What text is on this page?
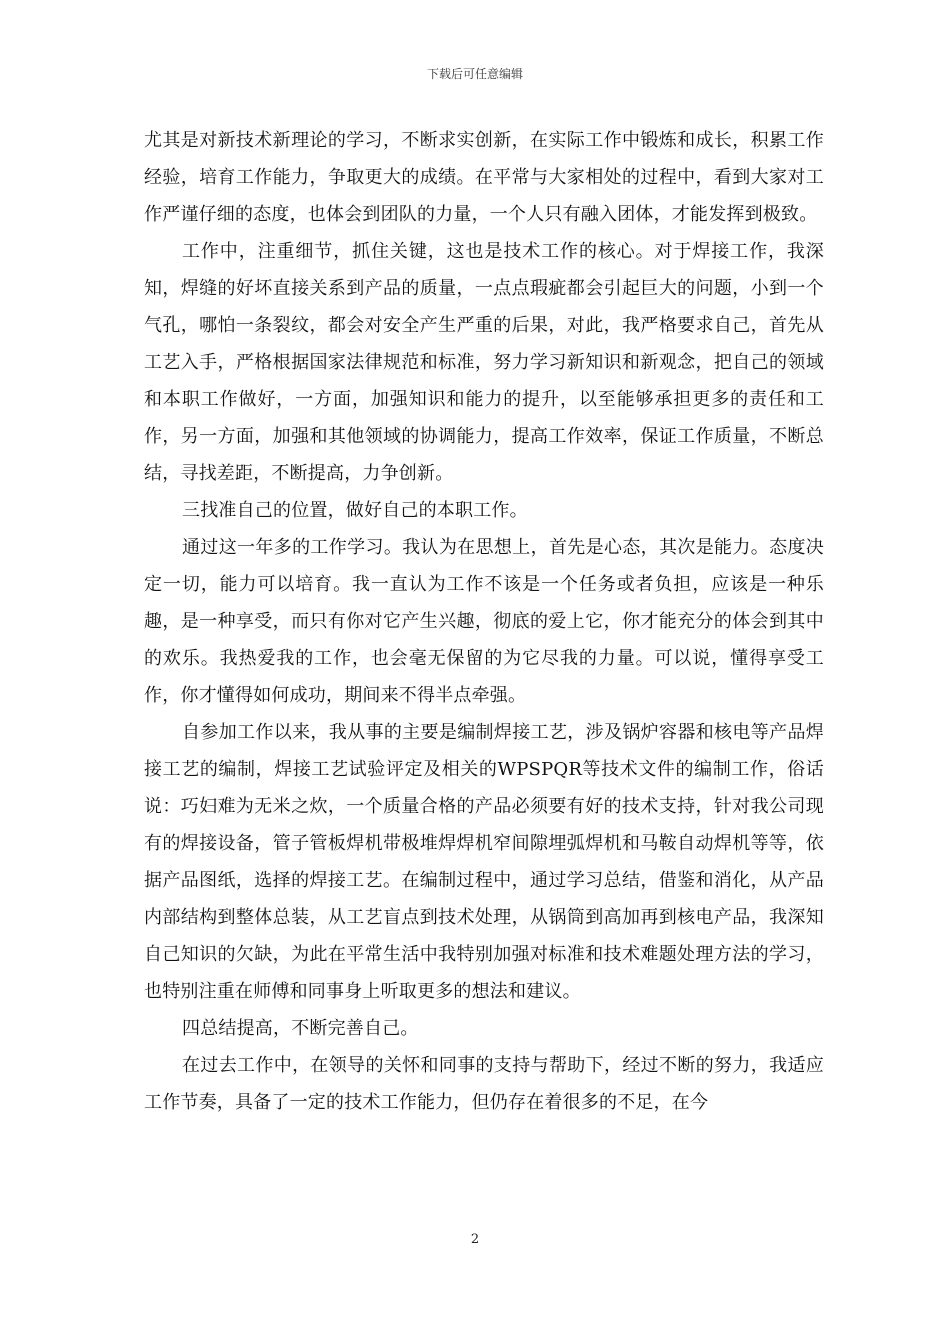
下载后可任意编辑

尤其是对新技术新理论的学习，不断求实创新，在实际工作中锻炼和成长，积累工作经验，培育工作能力，争取更大的成绩。在平常与大家相处的过程中，看到大家对工作严谨仔细的态度，也体会到团队的力量，一个人只有融入团体，才能发挥到极致。

工作中，注重细节，抓住关键，这也是技术工作的核心。对于焊接工作，我深知，焊缝的好坏直接关系到产品的质量，一点点瑕疵都会引起巨大的问题，小到一个气孔，哪怕一条裂纹，都会对安全产生严重的后果，对此，我严格要求自己，首先从工艺入手，严格根据国家法律规范和标准，努力学习新知识和新观念，把自己的领域和本职工作做好，一方面，加强知识和能力的提升，以至能够承担更多的责任和工作，另一方面，加强和其他领域的协调能力，提高工作效率，保证工作质量，不断总结，寻找差距，不断提高，力争创新。

三找准自己的位置，做好自己的本职工作。

通过这一年多的工作学习。我认为在思想上，首先是心态，其次是能力。态度决定一切，能力可以培育。我一直认为工作不该是一个任务或者负担，应该是一种乐趣，是一种享受，而只有你对它产生兴趣，彻底的爱上它，你才能充分的体会到其中的欢乐。我热爱我的工作，也会毫无保留的为它尽我的力量。可以说，懂得享受工作，你才懂得如何成功，期间来不得半点牵强。

自参加工作以来，我从事的主要是编制焊接工艺，涉及锅炉容器和核电等产品焊接工艺的编制，焊接工艺试验评定及相关的WPSPQR等技术文件的编制工作，俗话说：巧妇难为无米之炊，一个质量合格的产品必须要有好的技术支持，针对我公司现有的焊接设备，管子管板焊机带极堆焊焊机窄间隙埋弧焊机和马鞍自动焊机等等，依据产品图纸，选择的焊接工艺。在编制过程中，通过学习总结，借鉴和消化，从产品内部结构到整体总装，从工艺盲点到技术处理，从锅筒到高加再到核电产品，我深知自己知识的欠缺，为此在平常生活中我特别加强对标准和技术难题处理方法的学习，也特别注重在师傅和同事身上听取更多的想法和建议。

四总结提高，不断完善自己。

在过去工作中，在领导的关怀和同事的支持与帮助下，经过不断的努力，我适应工作节奏，具备了一定的技术工作能力，但仍存在着很多的不足，在今

2
